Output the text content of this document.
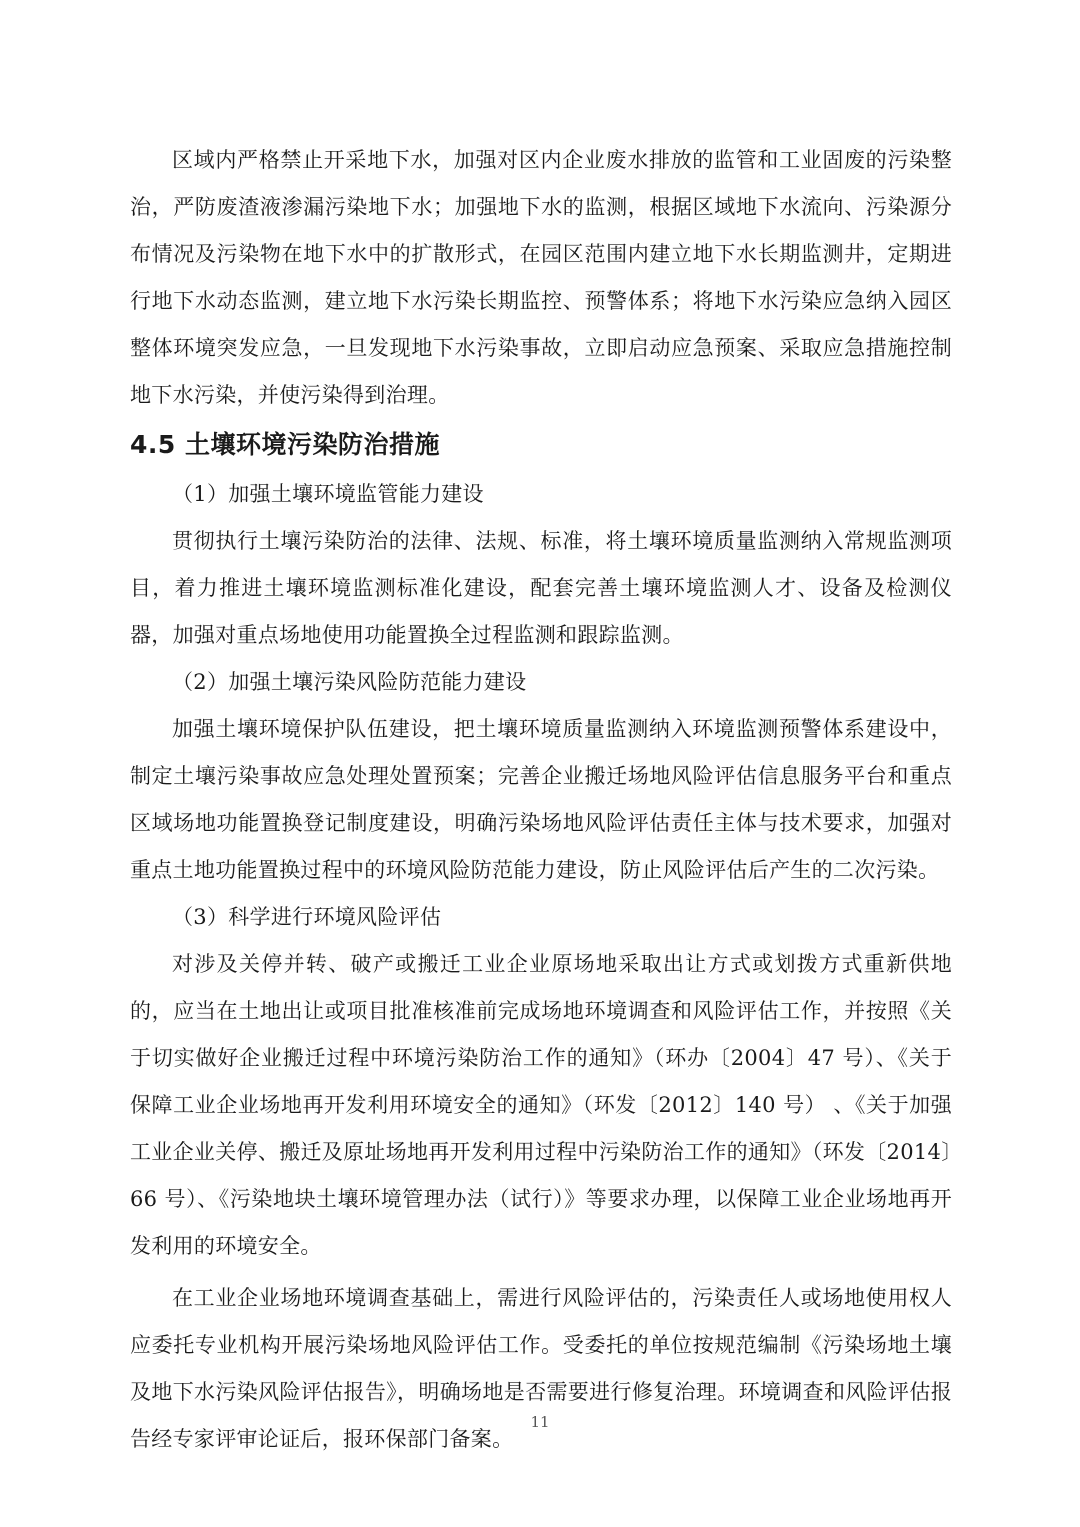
区域内严格禁止开采地下水，加强对区内企业废水排放的监管和工业固废的污染整治，严防废渣液渗漏污染地下水；加强地下水的监测，根据区域地下水流向、污染源分布情况及污染物在地下水中的扩散形式，在园区范围内建立地下水长期监测井，定期进行地下水动态监测，建立地下水污染长期监控、预警体系；将地下水污染应急纳入园区整体环境突发应急，一旦发现地下水污染事故，立即启动应急预案、采取应急措施控制地下水污染，并使污染得到治理。

4.5 土壤环境污染防治措施

（1）加强土壤环境监管能力建设

贯彻执行土壤污染防治的法律、法规、标准，将土壤环境质量监测纳入常规监测项目，着力推进土壤环境监测标准化建设，配套完善土壤环境监测人才、设备及检测仪器，加强对重点场地使用功能置换全过程监测和跟踪监测。

（2）加强土壤污染风险防范能力建设

加强土壤环境保护队伍建设，把土壤环境质量监测纳入环境监测预警体系建设中，制定土壤污染事故应急处理处置预案；完善企业搬迁场地风险评估信息服务平台和重点区域场地功能置换登记制度建设，明确污染场地风险评估责任主体与技术要求，加强对重点土地功能置换过程中的环境风险防范能力建设，防止风险评估后产生的二次污染。

（3）科学进行环境风险评估

对涉及关停并转、破产或搬迁工业企业原场地采取出让方式或划拨方式重新供地的，应当在土地出让或项目批准核准前完成场地环境调查和风险评估工作，并按照《关于切实做好企业搬迁过程中环境污染防治工作的通知》（环办〔2004〕47 号）、《关于保障工业企业场地再开发利用环境安全的通知》（环发〔2012〕140 号） 、《关于加强工业企业关停、搬迁及原址场地再开发利用过程中污染防治工作的通知》（环发〔2014〕66 号）、《污染地块土壤环境管理办法（试行）》等要求办理，以保障工业企业场地再开发利用的环境安全。

在工业企业场地环境调查基础上，需进行风险评估的，污染责任人或场地使用权人应委托专业机构开展污染场地风险评估工作。受委托的单位按规范编制《污染场地土壤及地下水污染风险评估报告》，明确场地是否需要进行修复治理。环境调查和风险评估报告经专家评审论证后，报环保部门备案。

11
